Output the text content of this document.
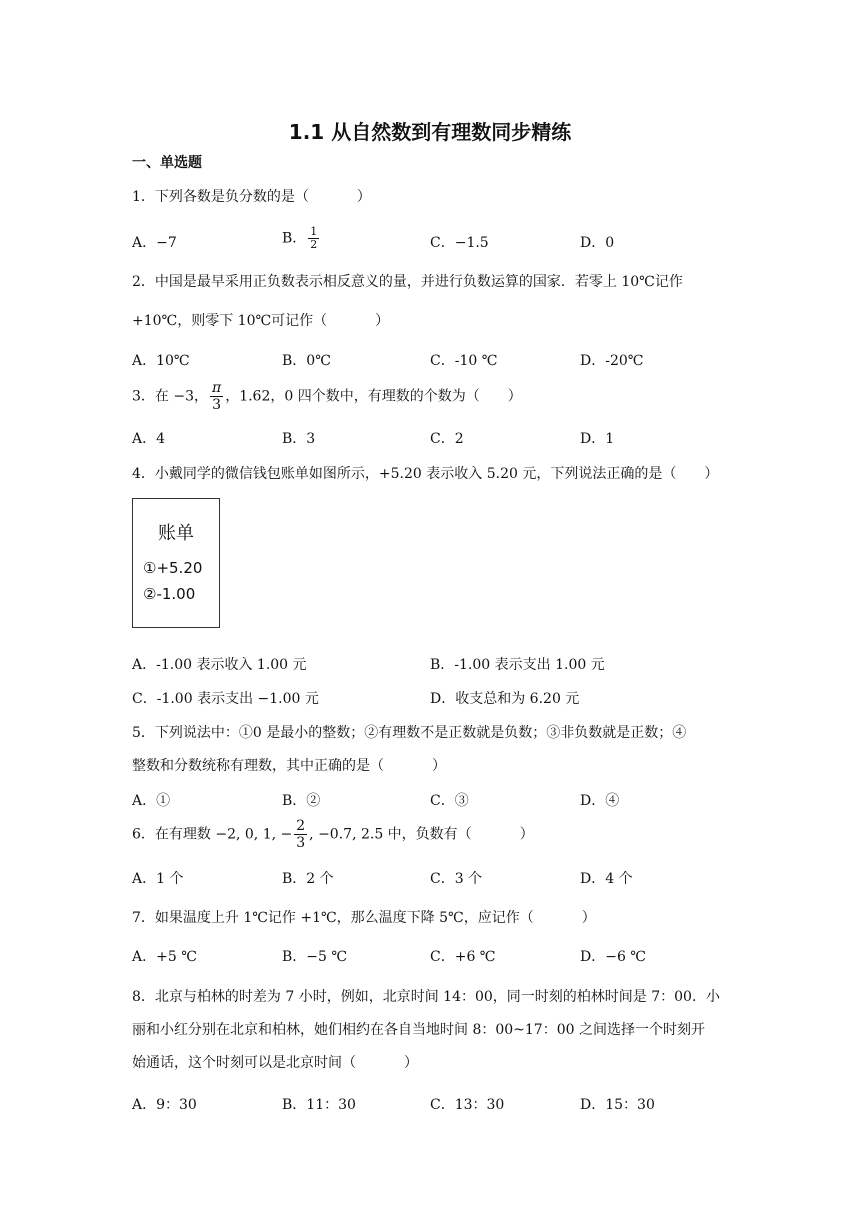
1.1 从自然数到有理数同步精练
一、单选题
1．下列各数是负分数的是（	）
A．−7	B． $\frac{1}{2}$	C．−1.5	D．0
2．中国是最早采用正负数表示相反意义的量，并进行负数运算的国家．若零上 10℃记作
+10℃，则零下 10℃可记作（	）
A．10℃	B．0℃	C．-10 ℃	D．-20℃
3．在 −3， $\frac{\pi}{3}$ ，1.62，0 四个数中，有理数的个数为（　　）
A．4	B．3	C．2	D．1
4．小戴同学的微信钱包账单如图所示，+5.20 表示收入 5.20 元，下列说法正确的是（　　）
账单
①+5.20
②-1.00
A．-1.00 表示收入 1.00 元	B．-1.00 表示支出 1.00 元
C．-1.00 表示支出 −1.00 元	D．收支总和为 6.20 元
5．下列说法中：①0 是最小的整数；②有理数不是正数就是负数；③非负数就是正数；④
整数和分数统称有理数，其中正确的是（	）
A．①	B．②	C．③	D．④
6．在有理数 −2, 0, 1, − $\frac{2}{3}$ , −0.7, 2.5 中，负数有（	）
A．1 个	B．2 个	C．3 个	D．4 个
7．如果温度上升 1℃记作 +1℃，那么温度下降 5℃，应记作（	）
A．+5 ℃	B．−5 ℃	C．+6 ℃	D．−6 ℃
8．北京与柏林的时差为 7 小时，例如，北京时间 14：00，同一时刻的柏林时间是 7：00．小
丽和小红分别在北京和柏林，她们相约在各自当地时间 8：00~17：00 之间选择一个时刻开
始通话，这个时刻可以是北京时间（	）
A．9：30	B．11：30	C．13：30	D．15：30
